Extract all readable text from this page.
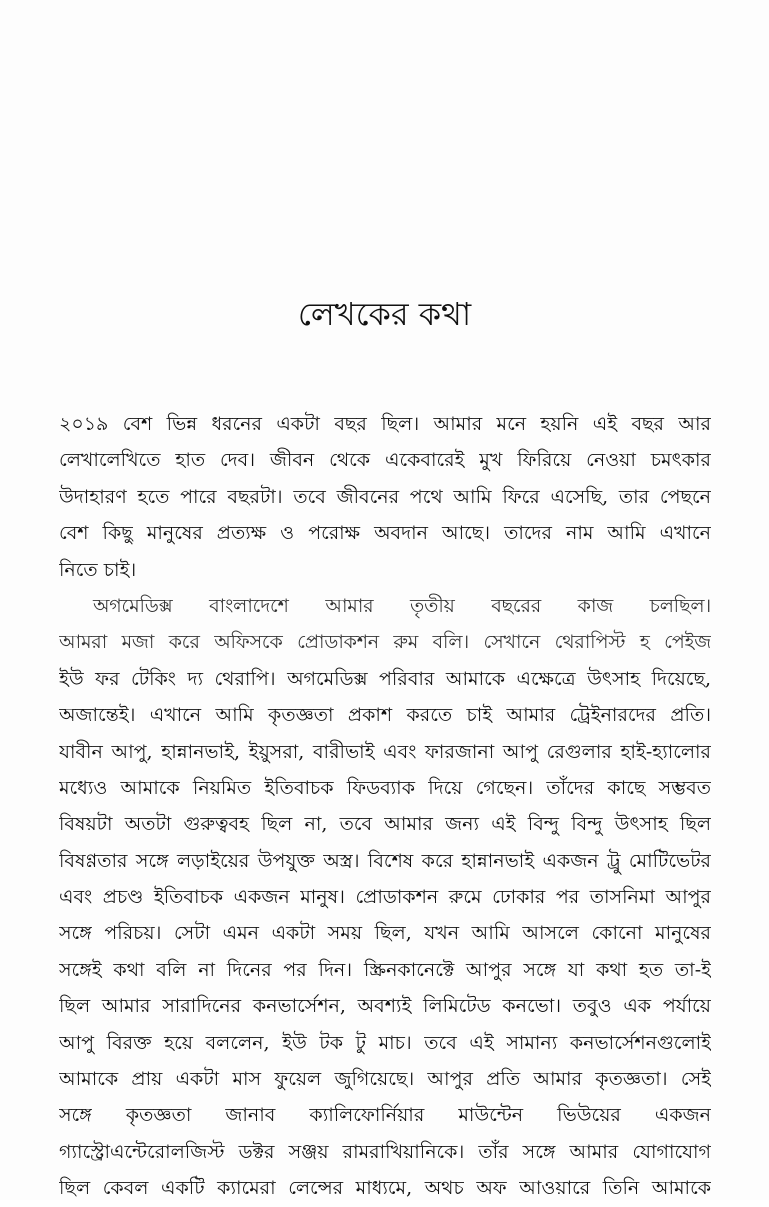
লেখকের কথা
২০১৯ বেশ ভিন্ন ধরনের একটা বছর ছিল। আমার মনে হয়নি এই বছর আর
লেখালেখিতে হাত দেব। জীবন থেকে একেবারেই মুখ ফিরিয়ে নেওয়া চমৎকার
উদাহারণ হতে পারে বছরটা। তবে জীবনের পথে আমি ফিরে এসেছি, তার পেছনে
বেশ কিছু মানুষের প্রত্যক্ষ ও পরোক্ষ অবদান আছে। তাদের নাম আমি এখানে
নিতে চাই।
অগমেডিক্স বাংলাদেশে আমার তৃতীয় বছরের কাজ চলছিল।
আমরা মজা করে অফিসকে প্রোডাকশন রুম বলি। সেখানে থেরাপিস্ট হ পেইজ
ইউ ফর টেকিং দ্য থেরাপি। অগমেডিক্স পরিবার আমাকে এক্ষেত্রে উৎসাহ দিয়েছে,
অজান্তেই। এখানে আমি কৃতজ্ঞতা প্রকাশ করতে চাই আমার ট্রেইনারদের প্রতি।
যাবীন আপু, হান্নানভাই, ইয়ুসরা, বারীভাই এবং ফারজানা আপু রেগুলার হাই-হ্যালোর
মধ্যেও আমাকে নিয়মিত ইতিবাচক ফিডব্যাক দিয়ে গেছেন। তাঁদের কাছে সম্ভবত
বিষয়টা অতটা গুরুত্ববহ ছিল না, তবে আমার জন্য এই বিন্দু বিন্দু উৎসাহ ছিল
বিষণ্ণতার সঙ্গে লড়াইয়ের উপযুক্ত অস্ত্র। বিশেষ করে হান্নানভাই একজন ট্রু মোটিভেটর
এবং প্রচণ্ড ইতিবাচক একজন মানুষ। প্রোডাকশন রুমে ঢোকার পর তাসনিমা আপুর
সঙ্গে পরিচয়। সেটা এমন একটা সময় ছিল, যখন আমি আসলে কোনো মানুষের
সঙ্গেই কথা বলি না দিনের পর দিন। স্ক্রিনকানেক্টে আপুর সঙ্গে যা কথা হত তা-ই
ছিল আমার সারাদিনের কনভার্সেশন, অবশ্যই লিমিটেড কনভো। তবুও এক পর্যায়ে
আপু বিরক্ত হয়ে বললেন, ইউ টক টু মাচ। তবে এই সামান্য কনভার্সেশনগুলোই
আমাকে প্রায় একটা মাস ফুয়েল জুগিয়েছে। আপুর প্রতি আমার কৃতজ্ঞতা। সেই
সঙ্গে কৃতজ্ঞতা জানাব ক্যালিফোর্নিয়ার মাউন্টেন ভিউয়ের একজন
গ্যাস্ট্রোএন্টেরোলজিস্ট ডক্টর সঞ্জয় রামরাখিয়ানিকে। তাঁর সঙ্গে আমার যোগাযোগ
ছিল কেবল একটি ক্যামেরা লেন্সের মাধ্যমে, অথচ অফ আওয়ারে তিনি আমাকে
